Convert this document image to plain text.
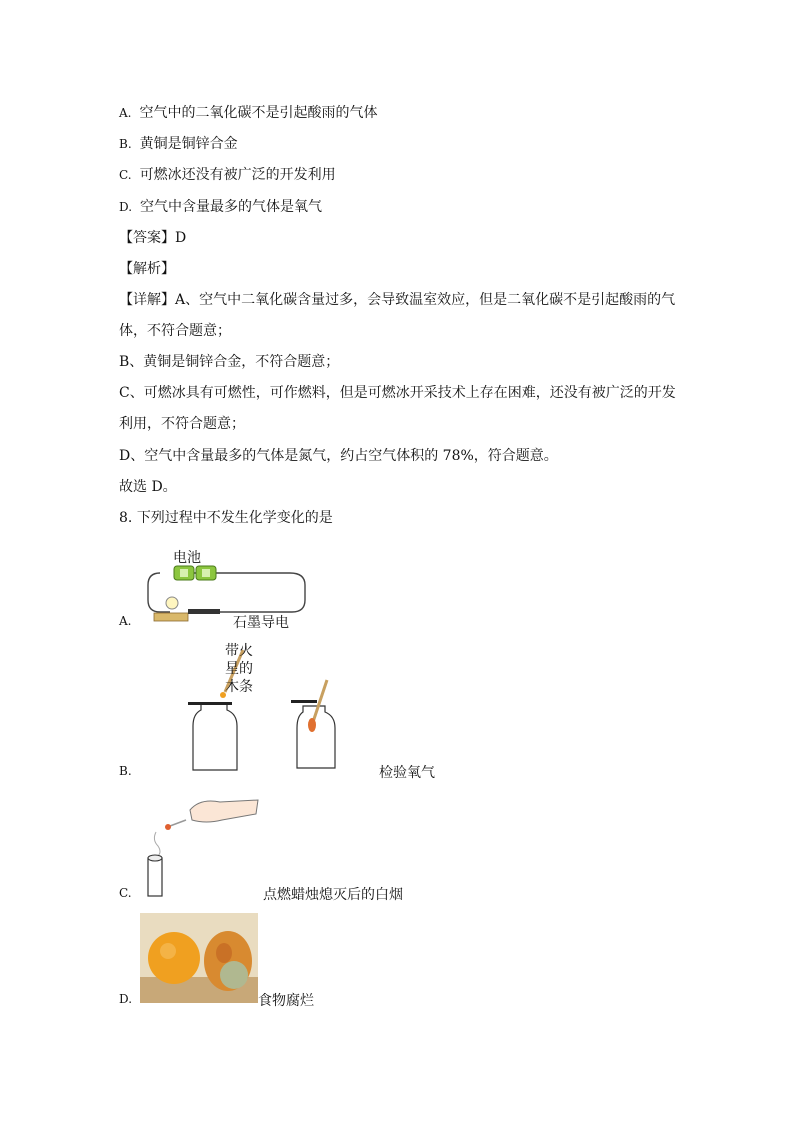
A. 空气中的二氧化碳不是引起酸雨的气体
B. 黄铜是铜锌合金
C. 可燃冰还没有被广泛的开发利用
D. 空气中含量最多的气体是氧气
【答案】D
【解析】
【详解】A、空气中二氧化碳含量过多，会导致温室效应，但是二氧化碳不是引起酸雨的气
体，不符合题意；
B、黄铜是铜锌合金，不符合题意；
C、可燃冰具有可燃性，可作燃料，但是可燃冰开采技术上存在困难，还没有被广泛的开发
利用，不符合题意；
D、空气中含量最多的气体是氮气，约占空气体积的 78%，符合题意。
故选 D。
8. 下列过程中不发生化学变化的是
电池
A.	石墨导电
带火
星的
木条
B.	检验氧气
C.	点燃蜡烛熄灭后的白烟
D.	食物腐烂
